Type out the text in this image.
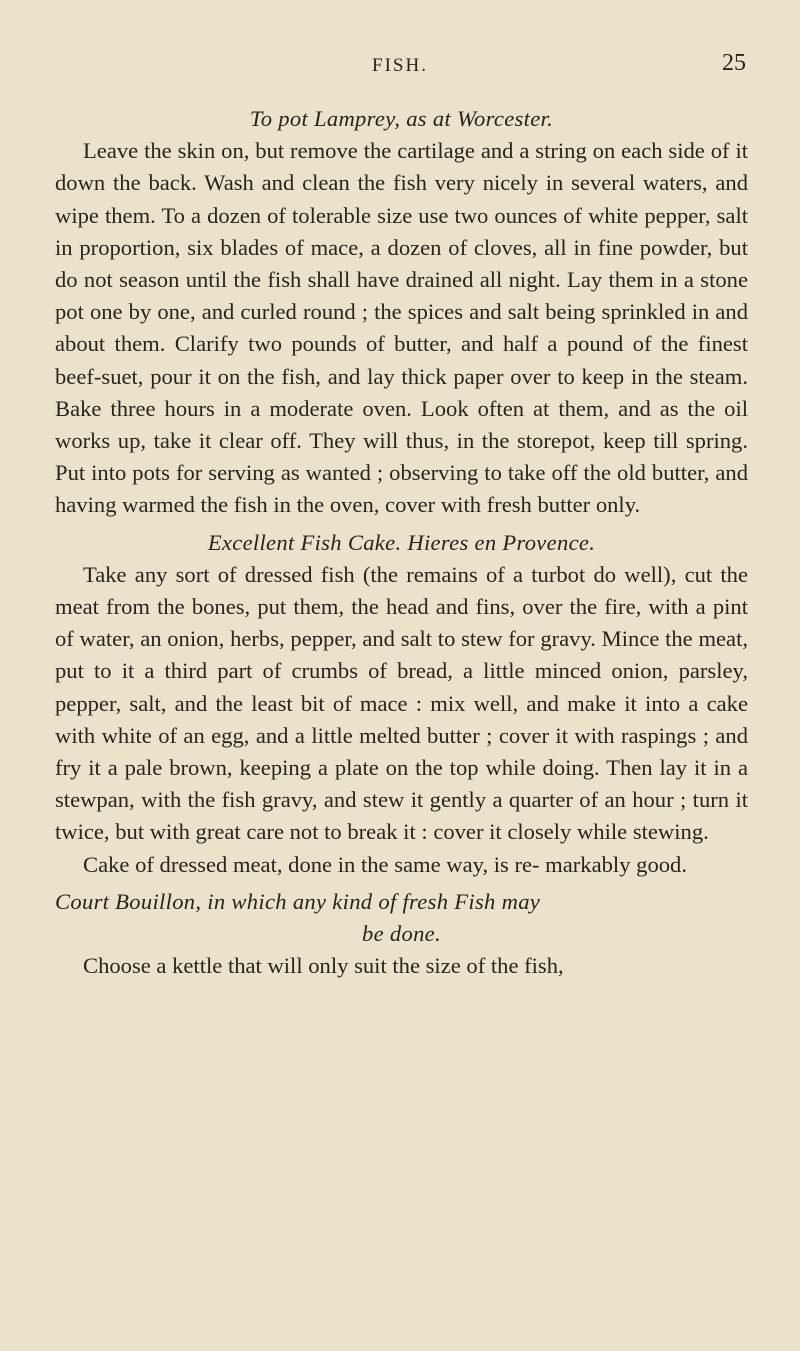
FISH.	25

To pot Lamprey, as at Worcester.

Leave the skin on, but remove the cartilage and a string on each side of it down the back. Wash and clean the fish very nicely in several waters, and wipe them. To a dozen of tolerable size use two ounces of white pepper, salt in proportion, six blades of mace, a dozen of cloves, all in fine powder, but do not season until the fish shall have drained all night. Lay them in a stone pot one by one, and curled round ; the spices and salt being sprinkled in and about them. Clarify two pounds of butter, and half a pound of the finest beef-suet, pour it on the fish, and lay thick paper over to keep in the steam. Bake three hours in a moderate oven. Look often at them, and as the oil works up, take it clear off. They will thus, in the storepot, keep till spring. Put into pots for serving as wanted ; observing to take off the old butter, and having warmed the fish in the oven, cover with fresh butter only.

Excellent Fish Cake. Hieres en Provence.

Take any sort of dressed fish (the remains of a turbot do well), cut the meat from the bones, put them, the head and fins, over the fire, with a pint of water, an onion, herbs, pepper, and salt to stew for gravy. Mince the meat, put to it a third part of crumbs of bread, a little minced onion, parsley, pepper, salt, and the least bit of mace : mix well, and make it into a cake with white of an egg, and a little melted butter ; cover it with raspings ; and fry it a pale brown, keeping a plate on the top while doing. Then lay it in a stewpan, with the fish gravy, and stew it gently a quarter of an hour ; turn it twice, but with great care not to break it : cover it closely while stewing.

Cake of dressed meat, done in the same way, is re- markably good.

Court Bouillon, in which any kind of fresh Fish may
be done.

Choose a kettle that will only suit the size of the fish,
